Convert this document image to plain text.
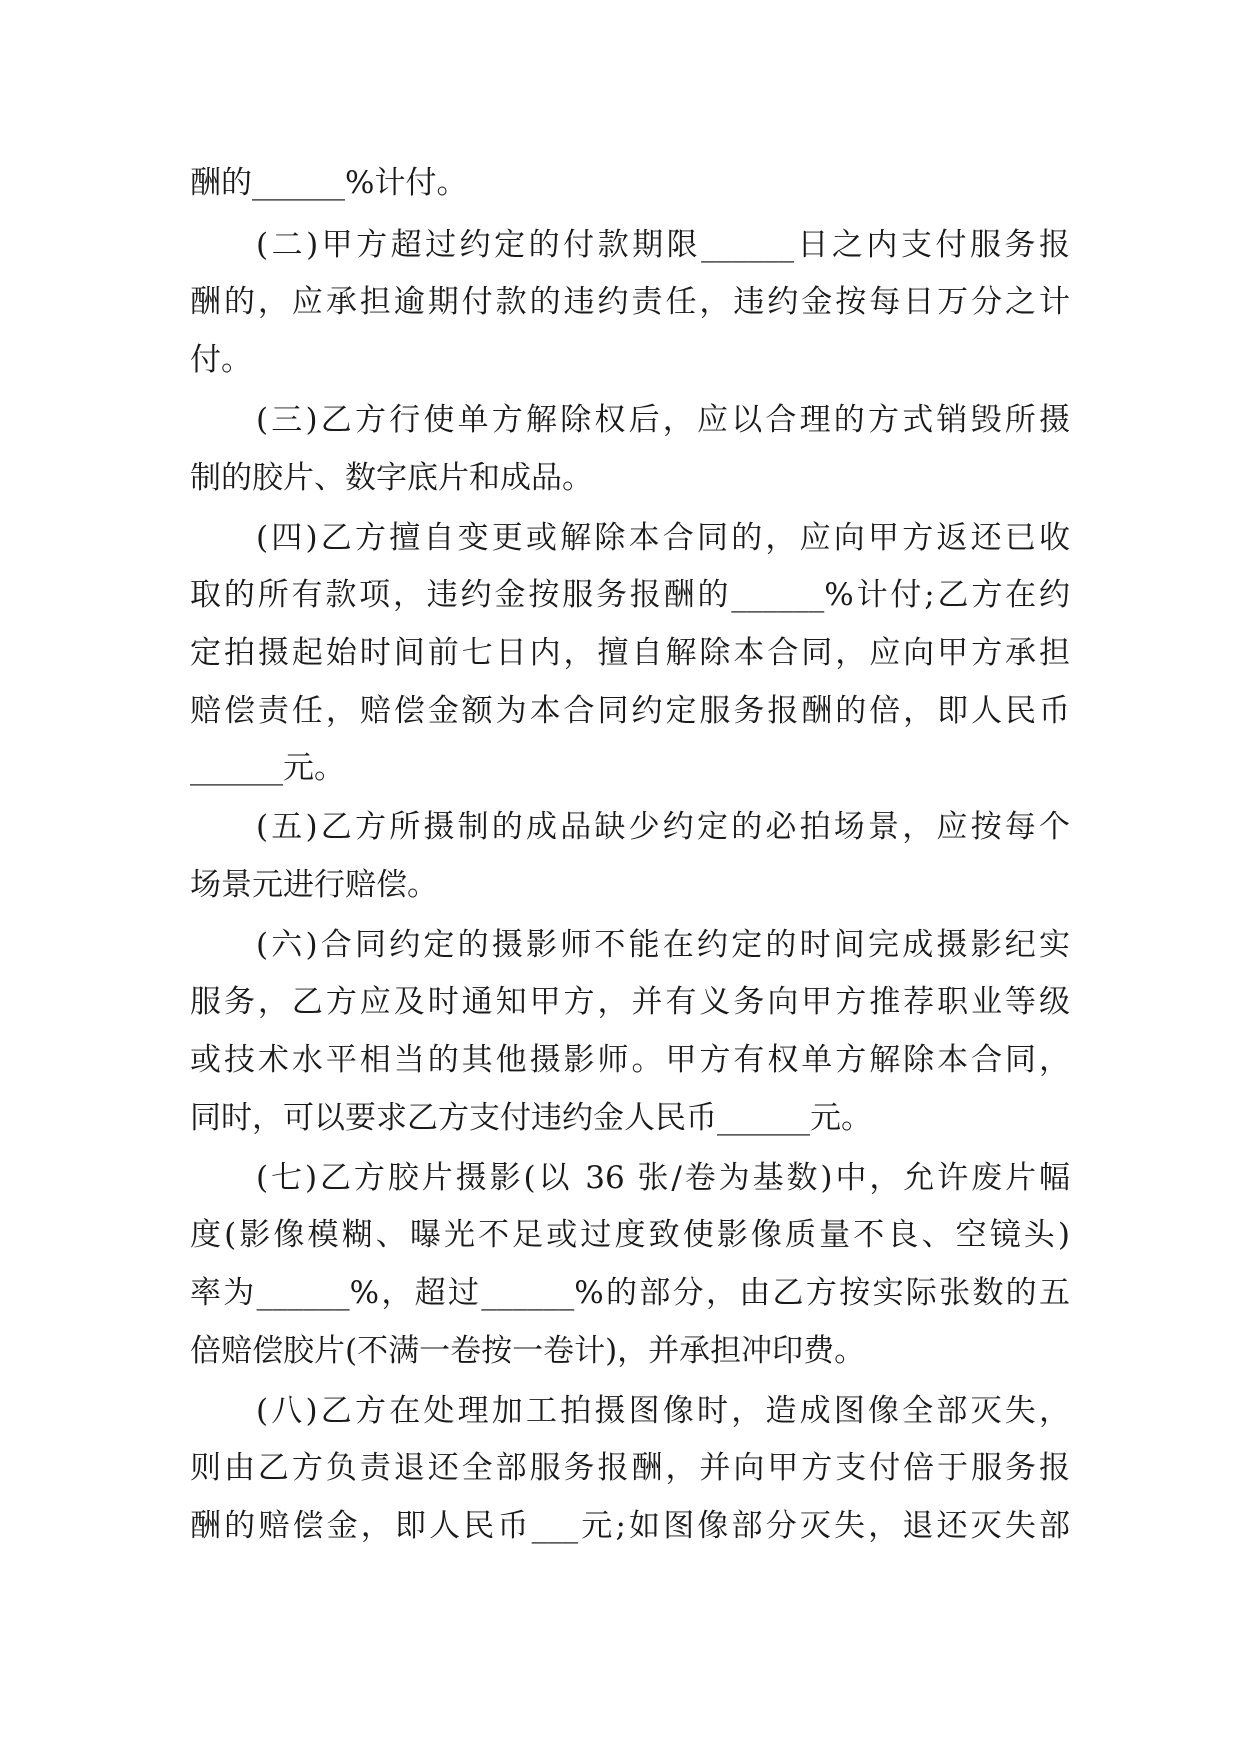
酬的______%计付。
(二)甲方超过约定的付款期限______日之内支付服务报
酬的，应承担逾期付款的违约责任，违约金按每日万分之计
付。
(三)乙方行使单方解除权后，应以合理的方式销毁所摄
制的胶片、数字底片和成品。
(四)乙方擅自变更或解除本合同的，应向甲方返还已收
取的所有款项，违约金按服务报酬的______%计付;乙方在约
定拍摄起始时间前七日内，擅自解除本合同，应向甲方承担
赔偿责任，赔偿金额为本合同约定服务报酬的倍，即人民币
______元。
(五)乙方所摄制的成品缺少约定的必拍场景，应按每个
场景元进行赔偿。
(六)合同约定的摄影师不能在约定的时间完成摄影纪实
服务，乙方应及时通知甲方，并有义务向甲方推荐职业等级
或技术水平相当的其他摄影师。甲方有权单方解除本合同，
同时，可以要求乙方支付违约金人民币______元。
(七)乙方胶片摄影(以 36 张/卷为基数)中，允许废片幅
度(影像模糊、曝光不足或过度致使影像质量不良、空镜头)
率为______%，超过______%的部分，由乙方按实际张数的五
倍赔偿胶片(不满一卷按一卷计)，并承担冲印费。
(八)乙方在处理加工拍摄图像时，造成图像全部灭失，
则由乙方负责退还全部服务报酬，并向甲方支付倍于服务报
酬的赔偿金，即人民币___元;如图像部分灭失，退还灭失部
